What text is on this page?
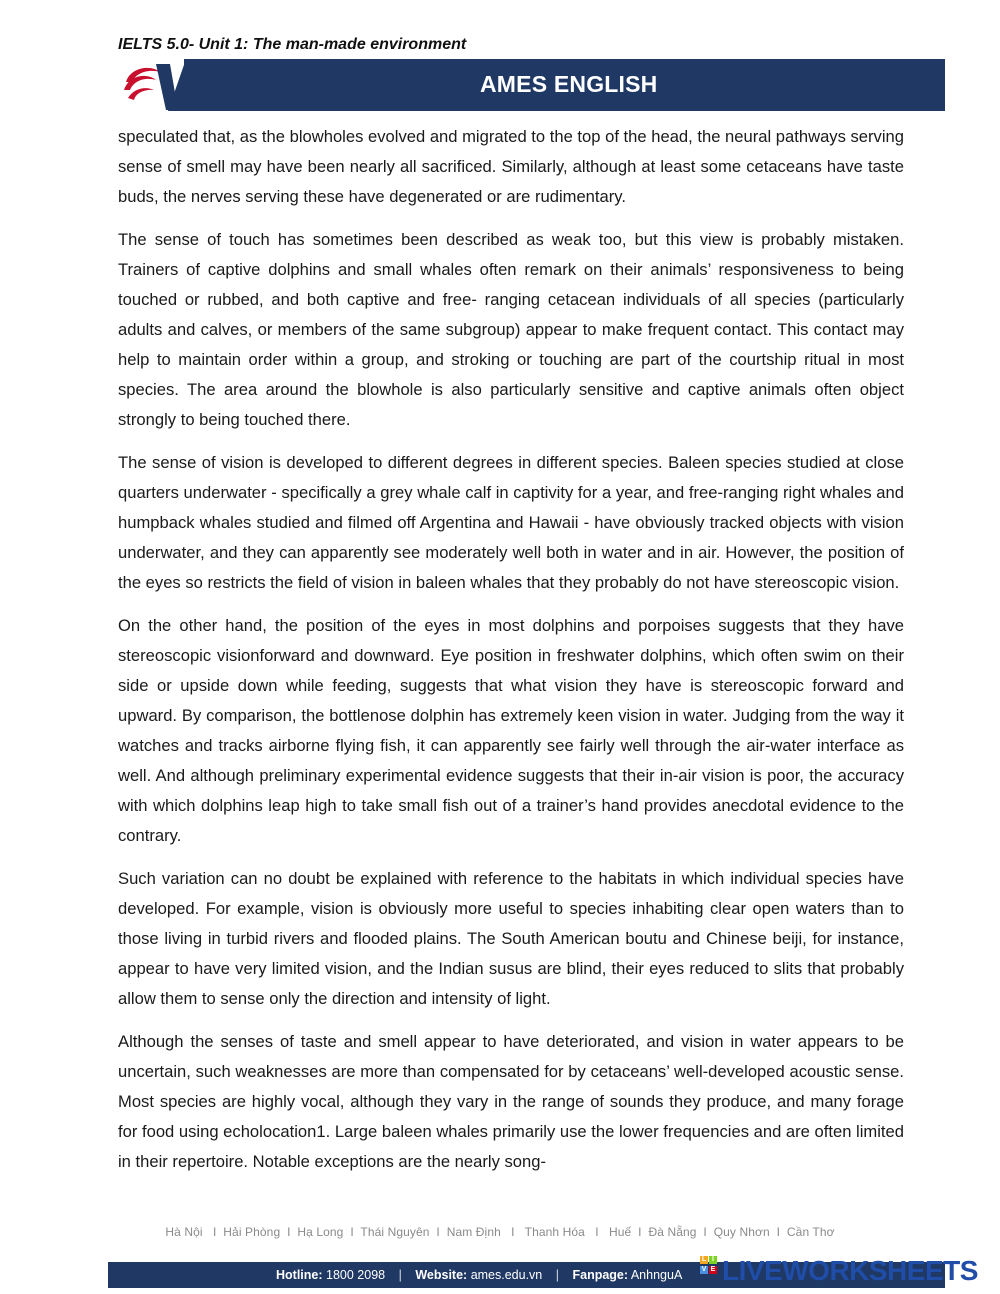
IELTS 5.0- Unit 1: The man-made environment
AMES ENGLISH

speculated that, as the blowholes evolved and migrated to the top of the head, the neural pathways serving sense of smell may have been nearly all sacrificed. Similarly, although at least some cetaceans have taste buds, the nerves serving these have degenerated or are rudimentary.

The sense of touch has sometimes been described as weak too, but this view is probably mistaken. Trainers of captive dolphins and small whales often remark on their animals’ responsiveness to being touched or rubbed, and both captive and free- ranging cetacean individuals of all species (particularly adults and calves, or members of the same subgroup) appear to make frequent contact. This contact may help to maintain order within a group, and stroking or touching are part of the courtship ritual in most species. The area around the blowhole is also particularly sensitive and captive animals often object strongly to being touched there.

The sense of vision is developed to different degrees in different species. Baleen species studied at close quarters underwater - specifically a grey whale calf in captivity for a year, and free-ranging right whales and humpback whales studied and filmed off Argentina and Hawaii - have obviously tracked objects with vision underwater, and they can apparently see moderately well both in water and in air. However, the position of the eyes so restricts the field of vision in baleen whales that they probably do not have stereoscopic vision.

On the other hand, the position of the eyes in most dolphins and porpoises suggests that they have stereoscopic visionforward and downward. Eye position in freshwater dolphins, which often swim on their side or upside down while feeding, suggests that what vision they have is stereoscopic forward and upward. By comparison, the bottlenose dolphin has extremely keen vision in water. Judging from the way it watches and tracks airborne flying fish, it can apparently see fairly well through the air-water interface as well. And although preliminary experimental evidence suggests that their in-air vision is poor, the accuracy with which dolphins leap high to take small fish out of a trainer’s hand provides anecdotal evidence to the contrary.

Such variation can no doubt be explained with reference to the habitats in which individual species have developed. For example, vision is obviously more useful to species inhabiting clear open waters than to those living in turbid rivers and flooded plains. The South American boutu and Chinese beiji, for instance, appear to have very limited vision, and the Indian susus are blind, their eyes reduced to slits that probably allow them to sense only the direction and intensity of light.

Although the senses of taste and smell appear to have deteriorated, and vision in water appears to be uncertain, such weaknesses are more than compensated for by cetaceans’ well-developed acoustic sense. Most species are highly vocal, although they vary in the range of sounds they produce, and many forage for food using echolocation1. Large baleen whales primarily use the lower frequencies and are often limited in their repertoire. Notable exceptions are the nearly song-

Hà Nội   I  Hải Phòng  I  Hạ Long  I  Thái Nguyên  I  Nam Định   I   Thanh Hóa   I   Huế  I  Đà Nẵng  I  Quy Nhơn  I  Cần Thơ
Hotline: 1800 2098 | Website: ames.edu.vn | Fanpage: AnhnguA
L I
V E LIVEWORKSHEETS
